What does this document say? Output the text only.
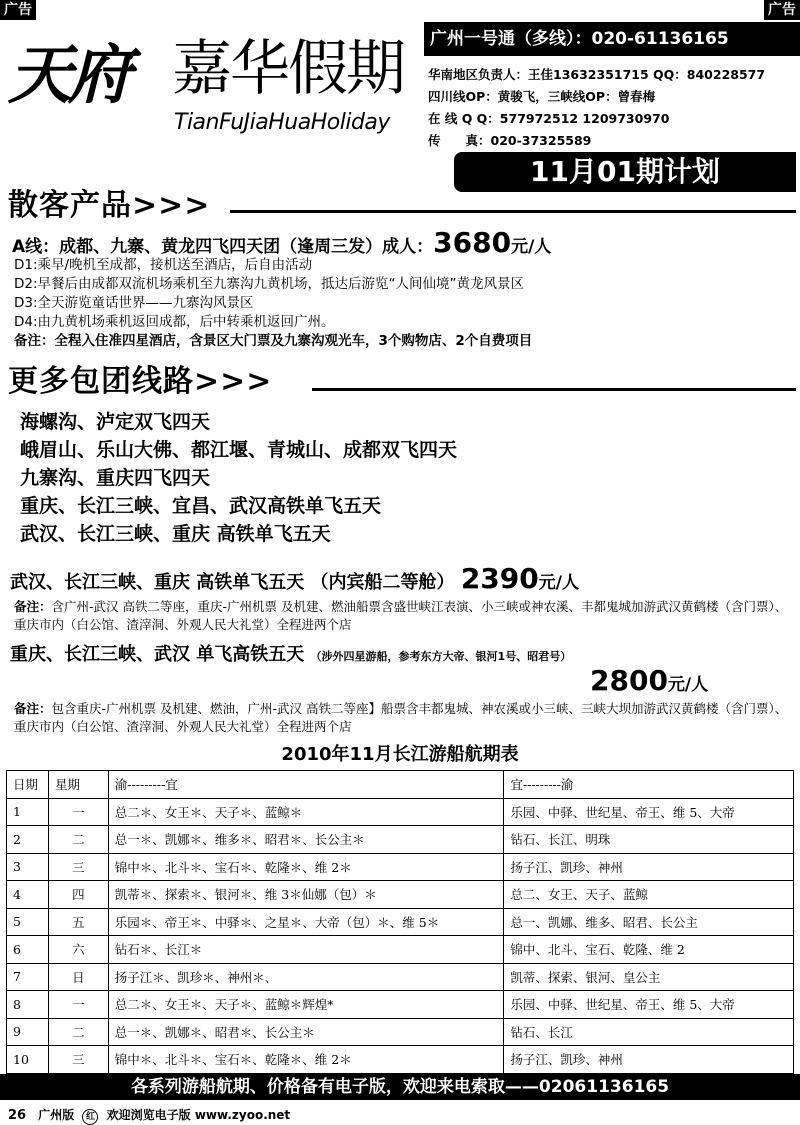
广告	广告
天府 嘉华假期
TianFuJiaHuaHoliday
广州一号通（多线）：020-61136165
华南地区负责人：王佳13632351715 QQ：840228577
四川线OP：黄骏飞，三峡线OP：曾春梅
在 线 Q Q：577972512 1209730970
传　　真：020-37325589
11月01期计划
散客产品>>>
A线：成都、九寨、黄龙四飞四天团（逢周三发）成人：3680元/人
D1:乘早/晚机至成都，接机送至酒店，后自由活动
D2:早餐后由成都双流机场乘机至九寨沟九黄机场，抵达后游览“人间仙境”黄龙风景区
D3:全天游览童话世界——九寨沟风景区
D4:由九黄机场乘机返回成都，后中转乘机返回广州。
备注：全程入住准四星酒店，含景区大门票及九寨沟观光车，3个购物店、2个自费项目
更多包团线路>>>
海螺沟、泸定双飞四天
峨眉山、乐山大佛、都江堰、青城山、成都双飞四天
九寨沟、重庆四飞四天
重庆、长江三峡、宜昌、武汉高铁单飞五天
武汉、长江三峡、重庆 高铁单飞五天
武汉、长江三峡、重庆 高铁单飞五天 （内宾船二等舱） 2390元/人
备注：含广州-武汉 高铁二等座，重庆-广州机票 及机建、燃油船票含盛世峡江表演、小三峡或神农溪、丰都鬼城加游武汉黄鹤楼（含门票）、重庆市内（白公馆、渣滓洞、外观人民大礼堂）全程进两个店
重庆、长江三峡、武汉 单飞高铁五天 （涉外四星游船，参考东方大帝、银河1号、昭君号）
2800元/人
备注：包含重庆-广州机票 及机建、燃油，广州-武汉 高铁二等座】船票含丰都鬼城、神农溪或小三峡、三峡大坝加游武汉黄鹤楼（含门票）、重庆市内（白公馆、渣滓洞、外观人民大礼堂）全程进两个店
2010年11月长江游船航期表
日期	星期	渝---------宜	宜---------渝
1	一	总二＊、女王＊、天子＊、蓝鲸＊	乐园、中驿、世纪星、帝王、维 5、大帝
2	二	总一＊、凯娜＊、维多＊、昭君＊、长公主＊	钻石、长江、明珠
3	三	锦中＊、北斗＊、宝石＊、乾隆＊、维 2＊	扬子江、凯珍、神州
4	四	凯蒂＊、探索＊、银河＊、维 3＊仙娜（包）＊	总二、女王、天子、蓝鲸
5	五	乐园＊、帝王＊、中驿＊、之星＊、大帝（包）＊、维 5＊	总一、凯娜、维多、昭君、长公主
6	六	钻石＊、长江＊	锦中、北斗、宝石、乾隆、维 2
7	日	扬子江＊、凯珍＊、神州＊、	凯蒂、探索、银河、皇公主
8	一	总二＊、女王＊、天子＊、蓝鲸＊辉煌*	乐园、中驿、世纪星、帝王、维 5、大帝
9	二	总一＊、凯娜＊、昭君＊、长公主＊	钻石、长江
10	三	锦中＊、北斗＊、宝石＊、乾隆＊、维 2＊	扬子江、凯珍、神州
各系列游船航期、价格备有电子版，欢迎来电索取——02061136165
26 广州版 红 欢迎浏览电子版 www.zyoo.net
